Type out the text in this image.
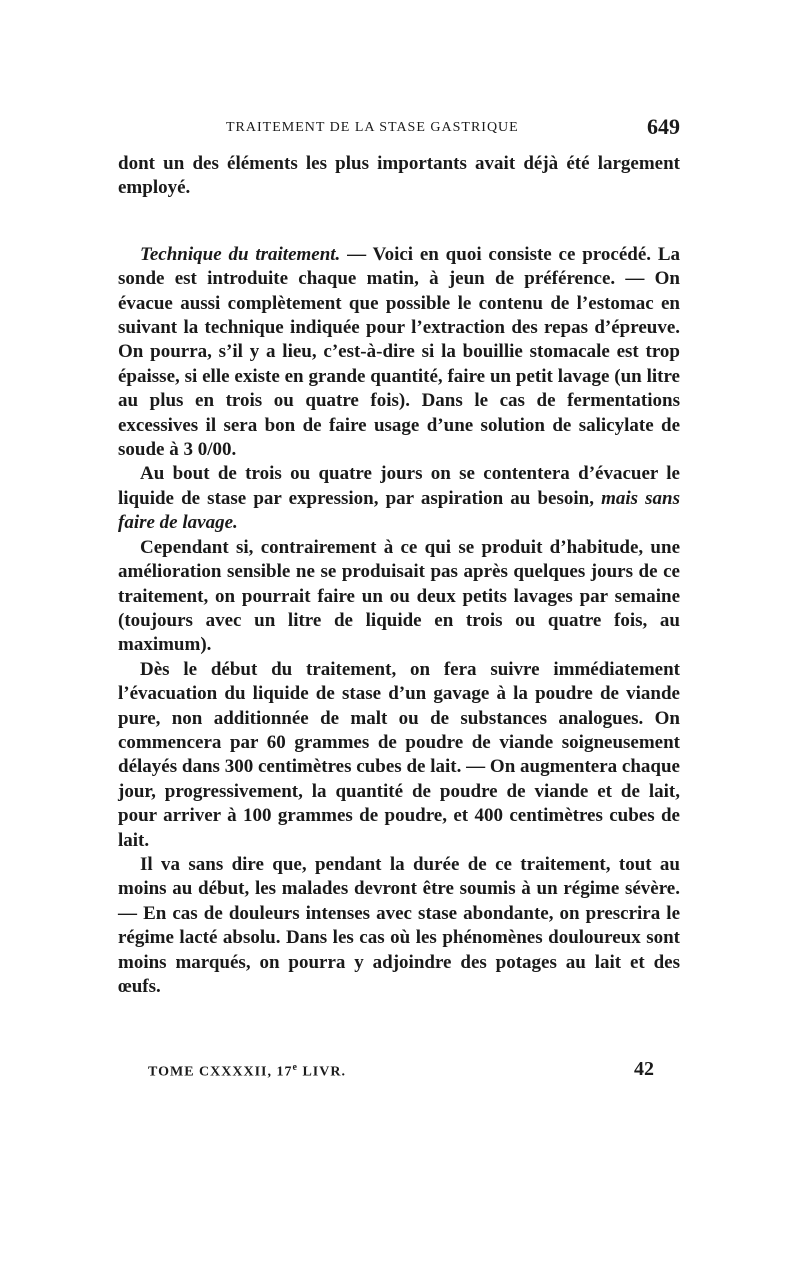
TRAITEMENT DE LA STASE GASTRIQUE	649

dont un des éléments les plus importants avait déjà été largement employé.

Technique du traitement. — Voici en quoi consiste ce procédé. La sonde est introduite chaque matin, à jeun de préférence. — On évacue aussi complètement que possible le contenu de l’estomac en suivant la technique indiquée pour l’extraction des repas d’épreuve. On pourra, s’il y a lieu, c’est-à-dire si la bouillie stomacale est trop épaisse, si elle existe en grande quantité, faire un petit lavage (un litre au plus en trois ou quatre fois). Dans le cas de fermentations excessives il sera bon de faire usage d’une solution de salicylate de soude à 3 0/00.

Au bout de trois ou quatre jours on se contentera d’évacuer le liquide de stase par expression, par aspiration au besoin, mais sans faire de lavage.

Cependant si, contrairement à ce qui se produit d’habitude, une amélioration sensible ne se produisait pas après quelques jours de ce traitement, on pourrait faire un ou deux petits lavages par semaine (toujours avec un litre de liquide en trois ou quatre fois, au maximum).

Dès le début du traitement, on fera suivre immédiatement l’évacuation du liquide de stase d’un gavage à la poudre de viande pure, non additionnée de malt ou de substances analogues. On commencera par 60 grammes de poudre de viande soigneusement délayés dans 300 centimètres cubes de lait. — On augmentera chaque jour, progressivement, la quantité de poudre de viande et de lait, pour arriver à 100 grammes de poudre, et 400 centimètres cubes de lait.

Il va sans dire que, pendant la durée de ce traitement, tout au moins au début, les malades devront être soumis à un régime sévère. — En cas de douleurs intenses avec stase abondante, on prescrira le régime lacté absolu. Dans les cas où les phénomènes douloureux sont moins marqués, on pourra y adjoindre des potages au lait et des œufs.

TOME CXXXXII, 17e LIVR.	42
